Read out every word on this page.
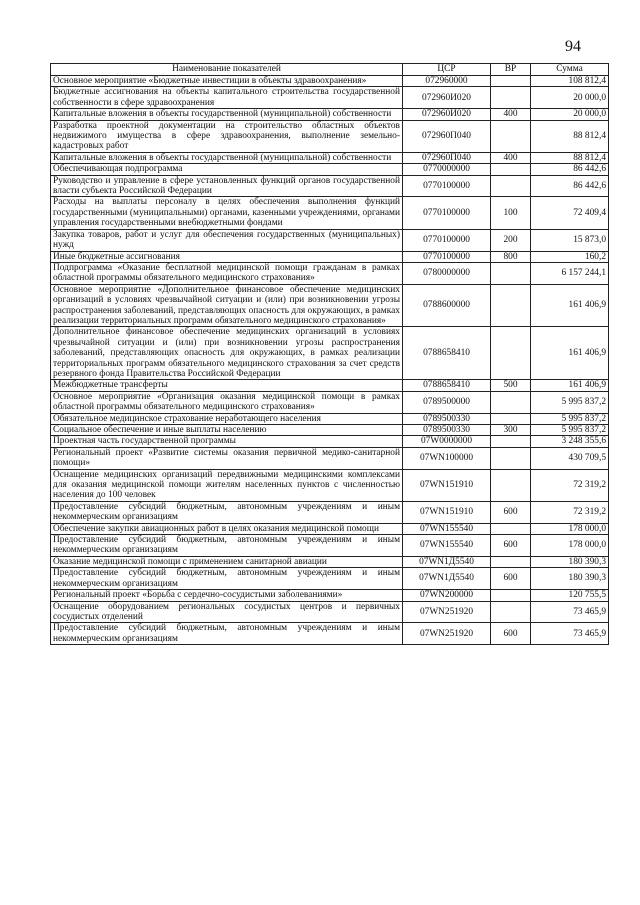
94
Наименование показателей	ЦСР	ВР	Сумма
Основное мероприятие «Бюджетные инвестиции в объекты здравоохранения»	072960000		108 812,4
Бюджетные ассигнования на объекты капитального строительства государственной собственности в сфере здравоохранения	072960И020		20 000,0
Капитальные вложения в объекты государственной (муниципальной) собственности	072960И020	400	20 000,0
Разработка проектной документации на строительство областных объектов недвижимого имущества в сфере здравоохранения, выполнение земельно-кадастровых работ	072960П040		88 812,4
Капитальные вложения в объекты государственной (муниципальной) собственности	072960П040	400	88 812,4
Обеспечивающая подпрограмма	0770000000		86 442,6
Руководство и управление в сфере установленных функций органов государственной власти субъекта Российской Федерации	0770100000		86 442,6
Расходы на выплаты персоналу в целях обеспечения выполнения функций государственными (муниципальными) органами, казенными учреждениями, органами управления государственными внебюджетными фондами	0770100000	100	72 409,4
Закупка товаров, работ и услуг для обеспечения государственных (муниципальных) нужд	0770100000	200	15 873,0
Иные бюджетные ассигнования	0770100000	800	160,2
Подпрограмма «Оказание бесплатной медицинской помощи гражданам в рамках областной программы обязательного медицинского страхования»	0780000000		6 157 244,1
Основное мероприятие «Дополнительное финансовое обеспечение медицинских организаций в условиях чрезвычайной ситуации и (или) при возникновении угрозы распространения заболеваний, представляющих опасность для окружающих, в рамках реализации территориальных программ обязательного медицинского страхования»	0788600000		161 406,9
Дополнительное финансовое обеспечение медицинских организаций в условиях чрезвычайной ситуации и (или) при возникновении угрозы распространения заболеваний, представляющих опасность для окружающих, в рамках реализации территориальных программ обязательного медицинского страхования за счет средств резервного фонда Правительства Российской Федерации	0788658410		161 406,9
Межбюджетные трансферты	0788658410	500	161 406,9
Основное мероприятие «Организация оказания медицинской помощи в рамках областной программы обязательного медицинского страхования»	0789500000		5 995 837,2
Обязательное медицинское страхование неработающего населения	0789500330		5 995 837,2
Социальное обеспечение и иные выплаты населению	0789500330	300	5 995 837,2
Проектная часть государственной программы	07W0000000		3 248 355,6
Региональный проект «Развитие системы оказания первичной медико-санитарной помощи»	07WN100000		430 709,5
Оснащение медицинских организаций передвижными медицинскими комплексами для оказания медицинской помощи жителям населенных пунктов с численностью населения до 100 человек	07WN151910		72 319,2
Предоставление субсидий бюджетным, автономным учреждениям и иным некоммерческим организациям	07WN151910	600	72 319,2
Обеспечение закупки авиационных работ в целях оказания медицинской помощи	07WN155540		178 000,0
Предоставление субсидий бюджетным, автономным учреждениям и иным некоммерческим организациям	07WN155540	600	178 000,0
Оказание медицинской помощи с применением санитарной авиации	07WN1Д5540		180 390,3
Предоставление субсидий бюджетным, автономным учреждениям и иным некоммерческим организациям	07WN1Д5540	600	180 390,3
Региональный проект «Борьба с сердечно-сосудистыми заболеваниями»	07WN200000		120 755,5
Оснащение оборудованием региональных сосудистых центров и первичных сосудистых отделений	07WN251920		73 465,9
Предоставление субсидий бюджетным, автономным учреждениям и иным некоммерческим организациям	07WN251920	600	73 465,9
